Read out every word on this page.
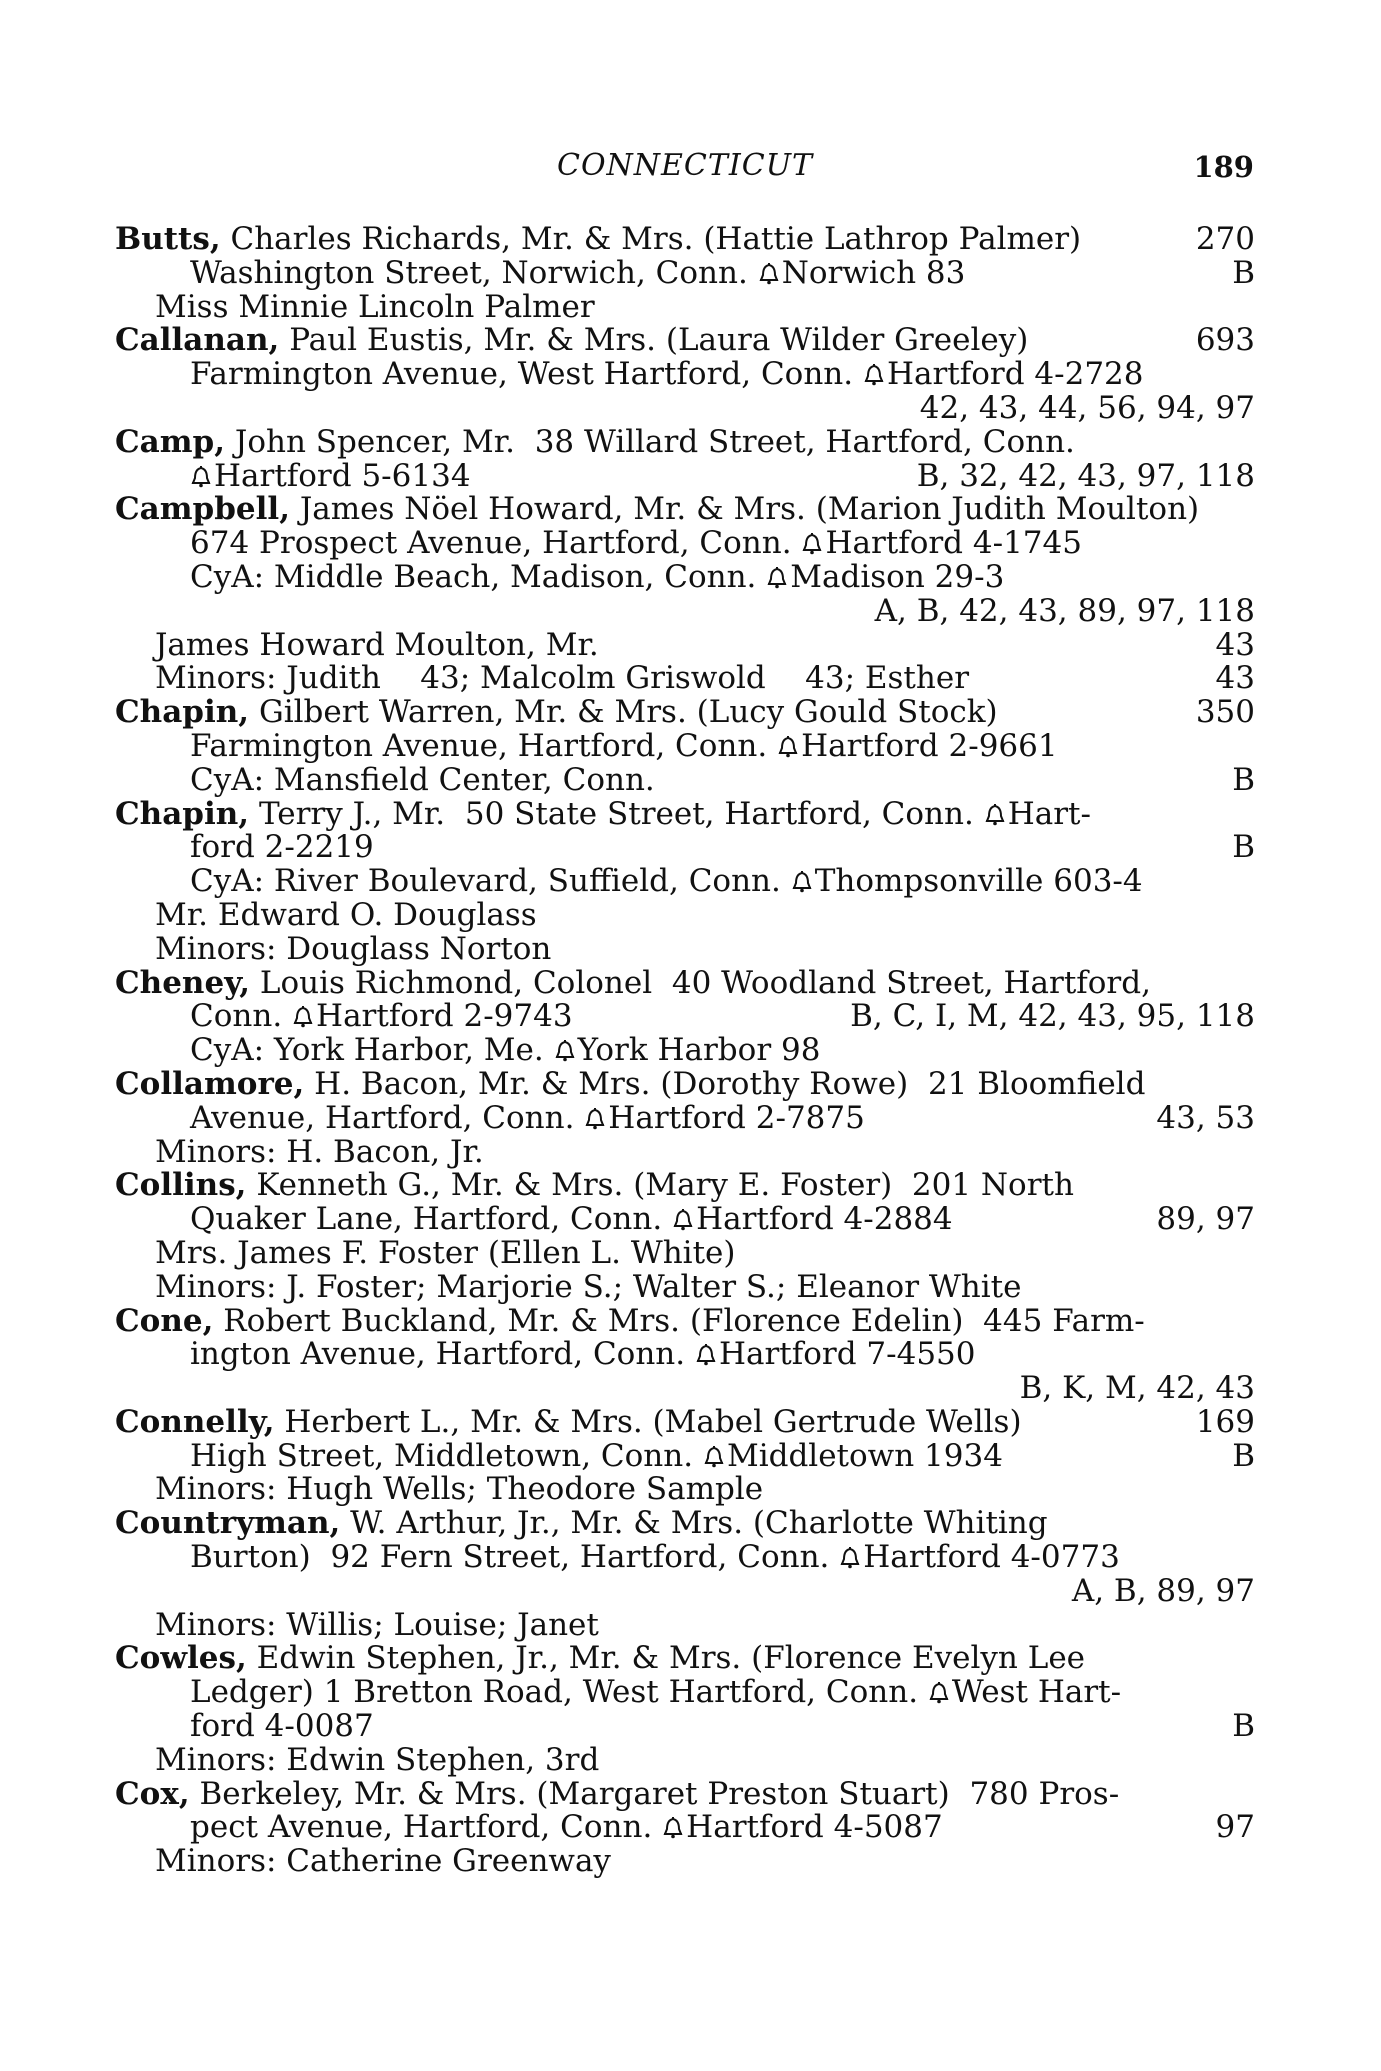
CONNECTICUT	189
Butts, Charles Richards, Mr. & Mrs. (Hattie Lathrop Palmer)	270
Washington Street, Norwich, Conn. Norwich 83	B
Miss Minnie Lincoln Palmer
Callanan, Paul Eustis, Mr. & Mrs. (Laura Wilder Greeley)	693
Farmington Avenue, West Hartford, Conn. Hartford 4-2728
42, 43, 44, 56, 94, 97
Camp, John Spencer, Mr.  38 Willard Street, Hartford, Conn.
Hartford 5-6134	B, 32, 42, 43, 97, 118
Campbell, James Nöel Howard, Mr. & Mrs. (Marion Judith Moulton)
674 Prospect Avenue, Hartford, Conn. Hartford 4-1745
CyA: Middle Beach, Madison, Conn. Madison 29-3
A, B, 42, 43, 89, 97, 118
James Howard Moulton, Mr.	43
Minors: Judith    43; Malcolm Griswold    43; Esther	43
Chapin, Gilbert Warren, Mr. & Mrs. (Lucy Gould Stock)	350
Farmington Avenue, Hartford, Conn. Hartford 2-9661
CyA: Mansfield Center, Conn.	B
Chapin, Terry J., Mr.  50 State Street, Hartford, Conn. Hart-
ford 2-2219	B
CyA: River Boulevard, Suffield, Conn. Thompsonville 603-4
Mr. Edward O. Douglass
Minors: Douglass Norton
Cheney, Louis Richmond, Colonel  40 Woodland Street, Hartford,
Conn. Hartford 2-9743	B, C, I, M, 42, 43, 95, 118
CyA: York Harbor, Me. York Harbor 98
Collamore, H. Bacon, Mr. & Mrs. (Dorothy Rowe)  21 Bloomfield
Avenue, Hartford, Conn. Hartford 2-7875	43, 53
Minors: H. Bacon, Jr.
Collins, Kenneth G., Mr. & Mrs. (Mary E. Foster)  201 North
Quaker Lane, Hartford, Conn. Hartford 4-2884	89, 97
Mrs. James F. Foster (Ellen L. White)
Minors: J. Foster; Marjorie S.; Walter S.; Eleanor White
Cone, Robert Buckland, Mr. & Mrs. (Florence Edelin)  445 Farm-
ington Avenue, Hartford, Conn. Hartford 7-4550
B, K, M, 42, 43
Connelly, Herbert L., Mr. & Mrs. (Mabel Gertrude Wells)	169
High Street, Middletown, Conn. Middletown 1934	B
Minors: Hugh Wells; Theodore Sample
Countryman, W. Arthur, Jr., Mr. & Mrs. (Charlotte Whiting
Burton)  92 Fern Street, Hartford, Conn. Hartford 4-0773
A, B, 89, 97
Minors: Willis; Louise; Janet
Cowles, Edwin Stephen, Jr., Mr. & Mrs. (Florence Evelyn Lee
Ledger) 1 Bretton Road, West Hartford, Conn. West Hart-
ford 4-0087	B
Minors: Edwin Stephen, 3rd
Cox, Berkeley, Mr. & Mrs. (Margaret Preston Stuart)  780 Pros-
pect Avenue, Hartford, Conn. Hartford 4-5087	97
Minors: Catherine Greenway
